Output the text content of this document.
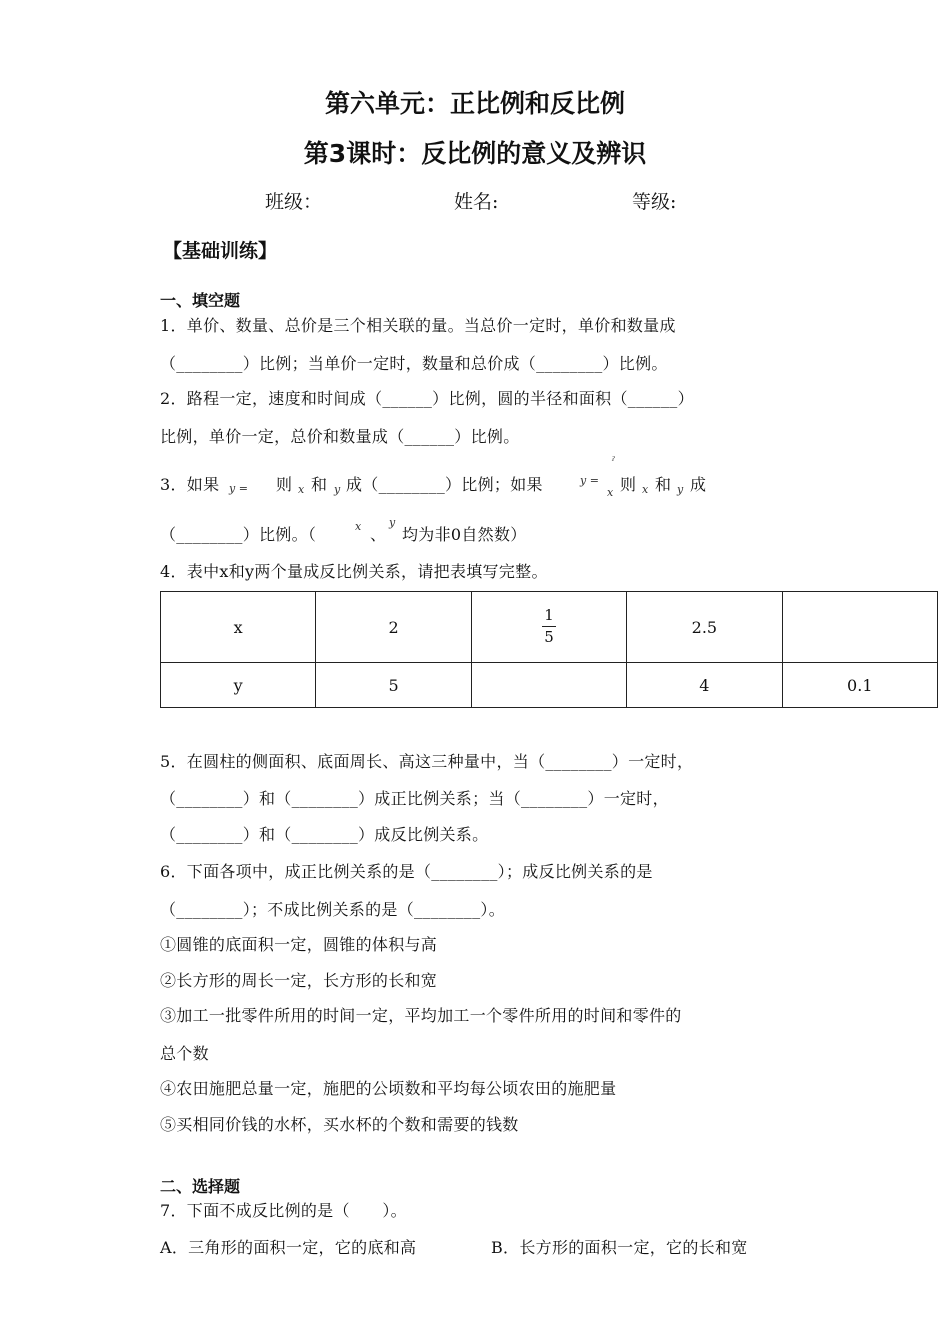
第六单元：正比例和反比例
第3课时：反比例的意义及辨识
班级：	姓名:	等级:
【基础训练】
一、填空题
1．单价、数量、总价是三个相关联的量。当总价一定时，单价和数量成
（________）比例；当单价一定时，数量和总价成（________）比例。
2．路程一定，速度和时间成（______）比例，圆的半径和面积（______）
比例，单价一定，总价和数量成（______）比例。
3．如果 y = 则 x 和 y 成（________）比例；如果
ˀ
y =
x 则 x 和 y 成
（________）比例。（	x 、
y
均为非0自然数）
4．表中x和y两个量成反比例关系，请把表填写完整。
x	2	$\frac{1}{5}$	2.5	
y	5		4	0.1
5．在圆柱的侧面积、底面周长、高这三种量中，当（________）一定时，
（________）和（________）成正比例关系；当（________）一定时，
（________）和（________）成反比例关系。
6．下面各项中，成正比例关系的是（________）；成反比例关系的是
（________）；不成比例关系的是（________）。
①圆锥的底面积一定，圆锥的体积与高
②长方形的周长一定，长方形的长和宽
③加工一批零件所用的时间一定，平均加工一个零件所用的时间和零件的
总个数
④农田施肥总量一定，施肥的公顷数和平均每公顷农田的施肥量
⑤买相同价钱的水杯，买水杯的个数和需要的钱数
二、选择题
7．下面不成反比例的是（　　）。
A．三角形的面积一定，它的底和高	B．长方形的面积一定，它的长和宽
